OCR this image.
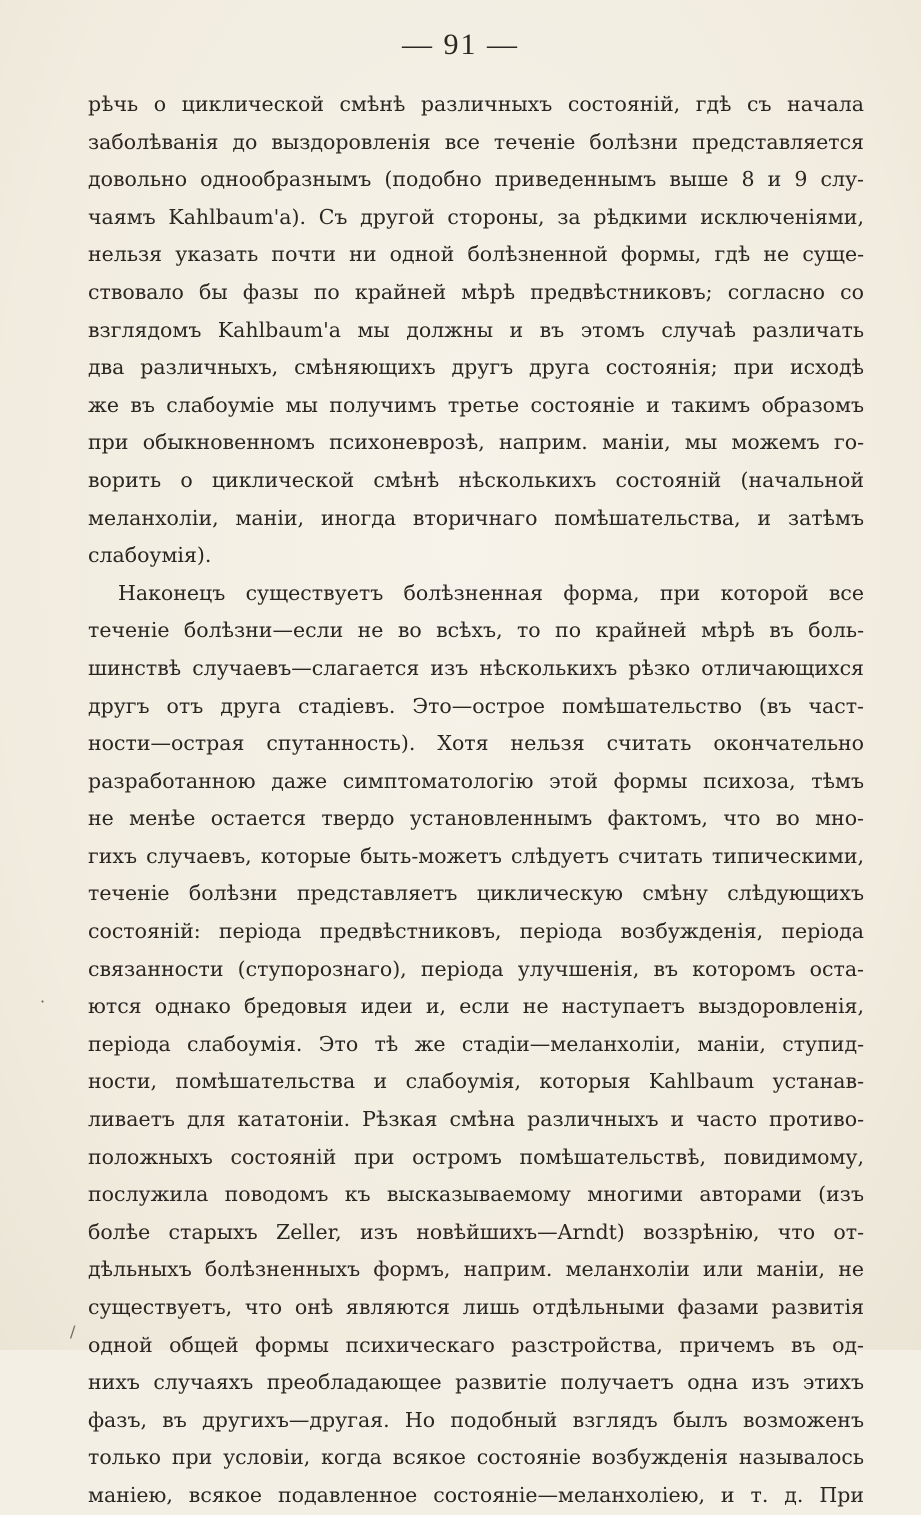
— 91 —
рѣчь о циклической смѣнѣ различныхъ состояній, гдѣ съ начала
заболѣванія до выздоровленія все теченіе болѣзни представляется
довольно однообразнымъ (подобно приведеннымъ выше 8 и 9 слу-
чаямъ Kahlbaum'а). Съ другой стороны, за рѣдкими исключеніями,
нельзя указать почти ни одной болѣзненной формы, гдѣ не суще-
ствовало бы фазы по крайней мѣрѣ предвѣстниковъ; согласно со
взглядомъ Kahlbaum'а мы должны и въ этомъ случаѣ различать
два различныхъ, смѣняющихъ другъ друга состоянія; при исходѣ
же въ слабоуміе мы получимъ третье состояніе и такимъ образомъ
при обыкновенномъ психоневрозѣ, наприм. маніи, мы можемъ го-
ворить о циклической смѣнѣ нѣсколькихъ состояній (начальной
меланхоліи, маніи, иногда вторичнаго помѣшательства, и затѣмъ
слабоумія).
Наконецъ существуетъ болѣзненная форма, при которой все
теченіе болѣзни—если не во всѣхъ, то по крайней мѣрѣ въ боль-
шинствѣ случаевъ—слагается изъ нѣсколькихъ рѣзко отличающихся
другъ отъ друга стадіевъ. Это—острое помѣшательство (въ част-
ности—острая спутанность). Хотя нельзя считать окончательно
разработанною даже симптоматологію этой формы психоза, тѣмъ
не менѣе остается твердо установленнымъ фактомъ, что во мно-
гихъ случаевъ, которые быть-можетъ слѣдуетъ считать типическими,
теченіе болѣзни представляетъ циклическую смѣну слѣдующихъ
состояній: періода предвѣстниковъ, періода возбужденія, періода
связанности (ступорознаго), періода улучшенія, въ которомъ оста-
ются однако бредовыя идеи и, если не наступаетъ выздоровленія,
періода слабоумія. Это тѣ же стадіи—меланхоліи, маніи, ступид-
ности, помѣшательства и слабоумія, которыя Kahlbaum устанав-
ливаетъ для кататоніи. Рѣзкая смѣна различныхъ и часто противо-
положныхъ состояній при остромъ помѣшательствѣ, повидимому,
послужила поводомъ къ высказываемому многими авторами (изъ
болѣе старыхъ Zeller, изъ новѣйшихъ—Arndt) воззрѣнію, что от-
дѣльныхъ болѣзненныхъ формъ, наприм. меланхоліи или маніи, не
существуетъ, что онѣ являются лишь отдѣльными фазами развитія
одной общей формы психическаго разстройства, причемъ въ од-
нихъ случаяхъ преобладающее развитіе получаетъ одна изъ этихъ
фазъ, въ другихъ—другая. Но подобный взглядъ былъ возможенъ
только при условіи, когда всякое состояніе возбужденія называлось
маніею, всякое подавленное состояніе—меланхоліею, и т. д. При
·
/
